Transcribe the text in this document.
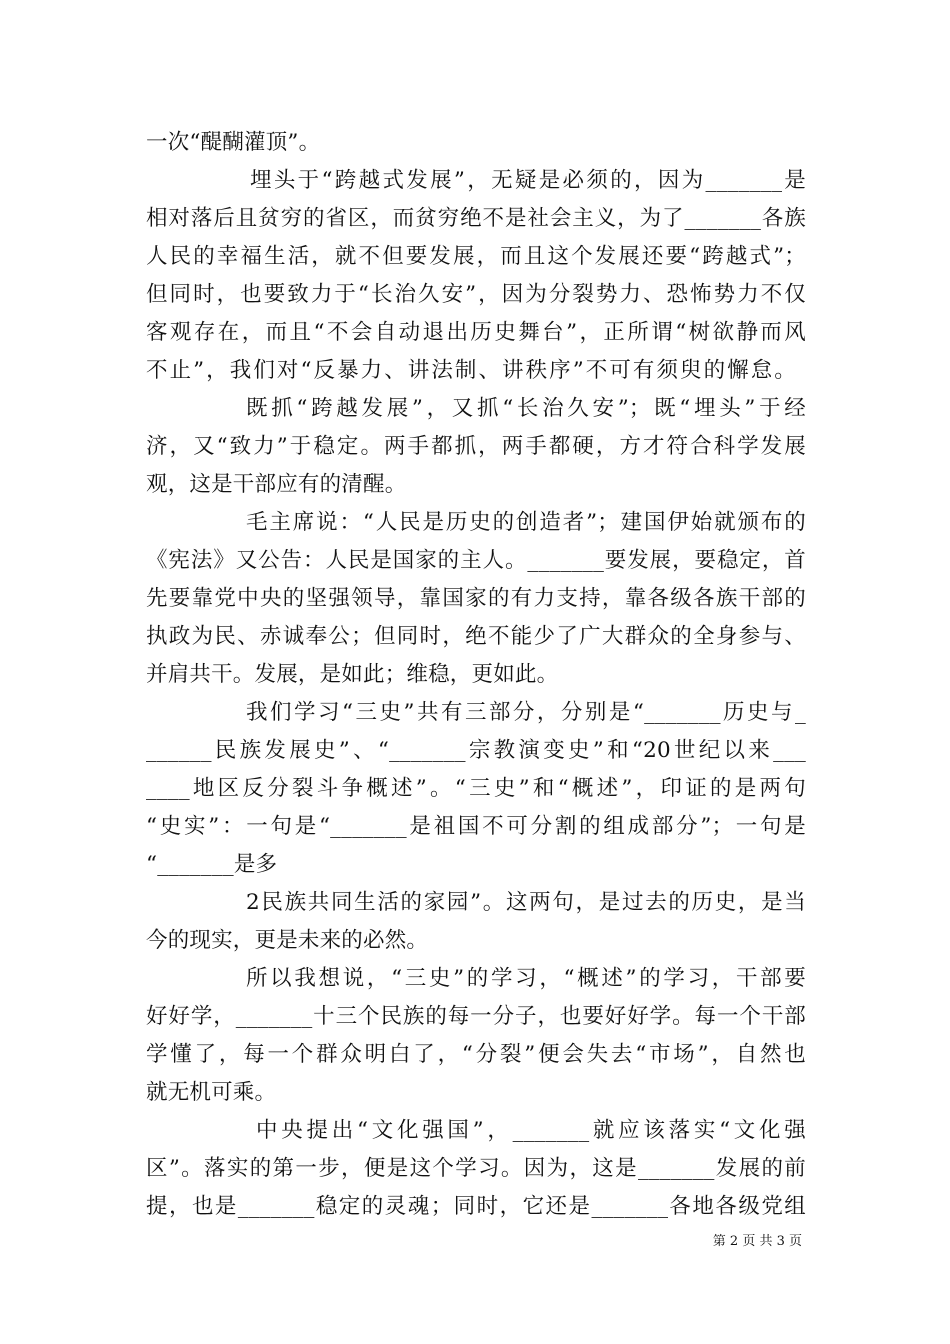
一次“醍醐灌顶”。
埋头于“跨越式发展”，无疑是必须的，因为_______是
相对落后且贫穷的省区，而贫穷绝不是社会主义，为了_______各族
人民的幸福生活，就不但要发展，而且这个发展还要“跨越式”；
但同时，也要致力于“长治久安”，因为分裂势力、恐怖势力不仅
客观存在，而且“不会自动退出历史舞台”，正所谓“树欲静而风
不止”，我们对“反暴力、讲法制、讲秩序”不可有须臾的懈怠。
既抓“跨越发展”，又抓“长治久安”；既“埋头”于经
济，又“致力”于稳定。两手都抓，两手都硬，方才符合科学发展
观，这是干部应有的清醒。
毛主席说：“人民是历史的创造者”；建国伊始就颁布的
《宪法》又公告：人民是国家的主人。_______要发展，要稳定，首
先要靠党中央的坚强领导，靠国家的有力支持，靠各级各族干部的
执政为民、赤诚奉公；但同时，绝不能少了广大群众的全身参与、
并肩共干。发展，是如此；维稳，更如此。
我们学习“三史”共有三部分，分别是“_______历史与_
______民族发展史”、“_______宗教演变史”和“20世纪以来___
____地区反分裂斗争概述”。“三史”和“概述”，印证的是两句
“史实”：一句是“_______是祖国不可分割的组成部分”；一句是
“_______是多
2民族共同生活的家园”。这两句，是过去的历史，是当
今的现实，更是未来的必然。
所以我想说，“三史”的学习，“概述”的学习，干部要
好好学，_______十三个民族的每一分子，也要好好学。每一个干部
学懂了，每一个群众明白了，“分裂”便会失去“市场”，自然也
就无机可乘。
中央提出“文化强国”，_______就应该落实“文化强
区”。落实的第一步，便是这个学习。因为，这是_______发展的前
提，也是_______稳定的灵魂；同时，它还是_______各地各级党组
第 2 页 共 3 页
